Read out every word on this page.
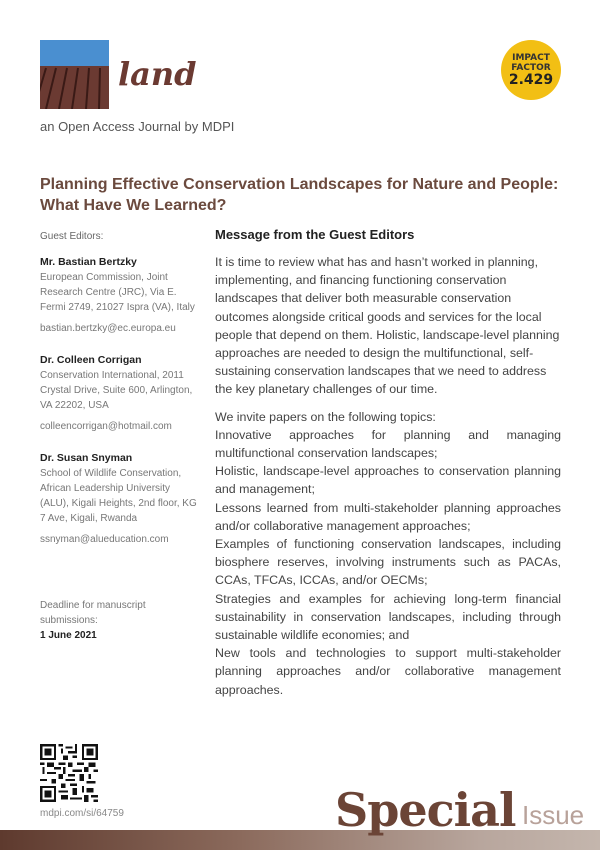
land
an Open Access Journal by MDPI
IMPACT
FACTOR
2.429
Planning Effective Conservation Landscapes for Nature and People: What Have We Learned?
Guest Editors:
Mr. Bastian Bertzky
European Commission, Joint Research Centre (JRC), Via E. Fermi 2749, 21027 Ispra (VA), Italy
bastian.bertzky@ec.europa.eu
Dr. Colleen Corrigan
Conservation International, 2011 Crystal Drive, Suite 600, Arlington, VA 22202, USA
colleencorrigan@hotmail.com
Dr. Susan Snyman
School of Wildlife Conservation, African Leadership University (ALU), Kigali Heights, 2nd floor, KG 7 Ave, Kigali, Rwanda
ssnyman@alueducation.com
Deadline for manuscript submissions:
1 June 2021
Message from the Guest Editors

It is time to review what has and hasn’t worked in planning, implementing, and financing functioning conservation landscapes that deliver both measurable conservation outcomes alongside critical goods and services for the local people that depend on them. Holistic, landscape-level planning approaches are needed to design the multifunctional, self-sustaining conservation landscapes that we need to address the key planetary challenges of our time.

We invite papers on the following topics:

Innovative approaches for planning and managing multifunctional conservation landscapes;
Holistic, landscape-level approaches to conservation planning and management;
Lessons learned from multi-stakeholder planning approaches and/or collaborative management approaches;
Examples of functioning conservation landscapes, including biosphere reserves, involving instruments such as PACAs, CCAs, TFCAs, ICCAs, and/or OECMs;
Strategies and examples for achieving long-term financial sustainability in conservation landscapes, including through sustainable wildlife economies; and
New tools and technologies to support multi-stakeholder planning approaches and/or collaborative management approaches.
mdpi.com/si/64759	Issue
Special
